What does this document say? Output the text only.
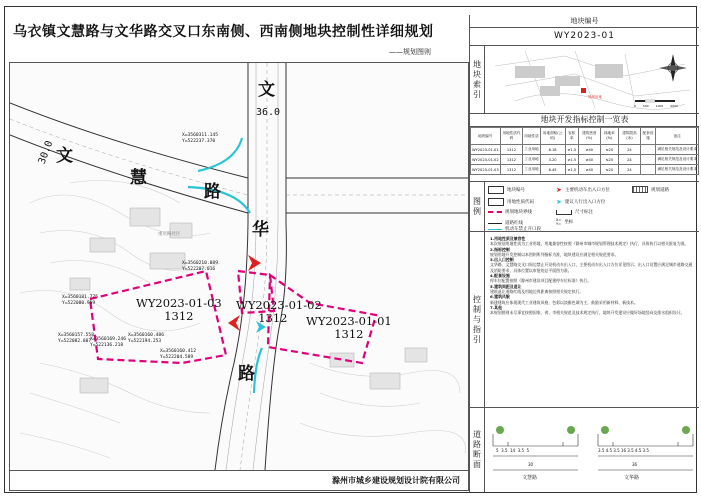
乌衣镇文慧路与文华路交叉口东南侧、西南侧地块控制性详细规划
——规划图则
文
文
慧
路
华
路
36.0
30.0
X=3560311.145
Y=522237.370
X=3560210.089
Y=522207.016
X=3560181.775
Y=522080.959
X=3560157.558
Y=522082.807
X=3560169.246
Y=522136.218
X=3560160.486
Y=522194.253
X=3560160.412
Y=522204.589
WY2023-01-03
1312
WY2023-01-02
1312	WY2023-01-01
1312
重庆路社区
滁州市城乡建设规划设计院有限公司
地块编号
WY2023-01
地块索引	规划用地
0 500 1000 2000
地块开发指标控制一览表
地块编号	用地性质代码	用地性质	用地面积(公顷)	容积率	建筑密度(%)	绿地率(%)	建筑限高(米)	配套设施	备注
WY2023-01-01	1312	工业用地	6.18	≥1.5	≥40	≤20	24		满足相关规范及设计要求
WY2023-01-02	1312	工业用地	3.20	≥1.5	≥40	≤20	24		满足相关规范及设计要求
WY2023-01-03	1312	工业用地	6.45	≥1.5	≥40	≤20	24		满足相关规范及设计要求
图例
地块编号	➤ 主要机动车出入口方位	规划道路
用地性质代码	➤ 建议人行出入口方位
规划地块界线	尺寸标注
道路红线
X=
Y= 坐标
机动车禁止开口段
控制与指引

1.用地性质及兼容性

本次规划用地性质为工业用地，用地兼容性按照《滁州市城市规划管理技术规定》执行，具体执行以相关批复为准。

2.指标控制

规划用地开发控制以本图则所列指标为准，地块建设应满足相关规范要求。

3.出入口控制

文华路、文慧路交叉口周边禁止开设机动车出入口，主要机动车出入口方位详见图示；出入口设置应满足城市道路交通及消防要求，具体位置以审批的总平面图为准。

4.配套设施

停车位配置按照《滁州市建设项目配建停车位标准》执行。

5.建筑间距及退让

建筑退让道路红线及用地边界距离按照相关规定执行。

6.建筑风貌

新建建筑应体现现代工业建筑风格，色彩以淡雅色调为主，鼓励采用新材料、新技术。

7.其他

本规划图则未尽事宜按照国家、省、市相关规范及技术规定执行，地块开发建设应做好场地竖向及排水组织设计。

道路断面	5  3.5  14  3.5  5	3.5 4.5 3.5 16 3.5 4.5 3.5
30	36
文慧路	文华路
